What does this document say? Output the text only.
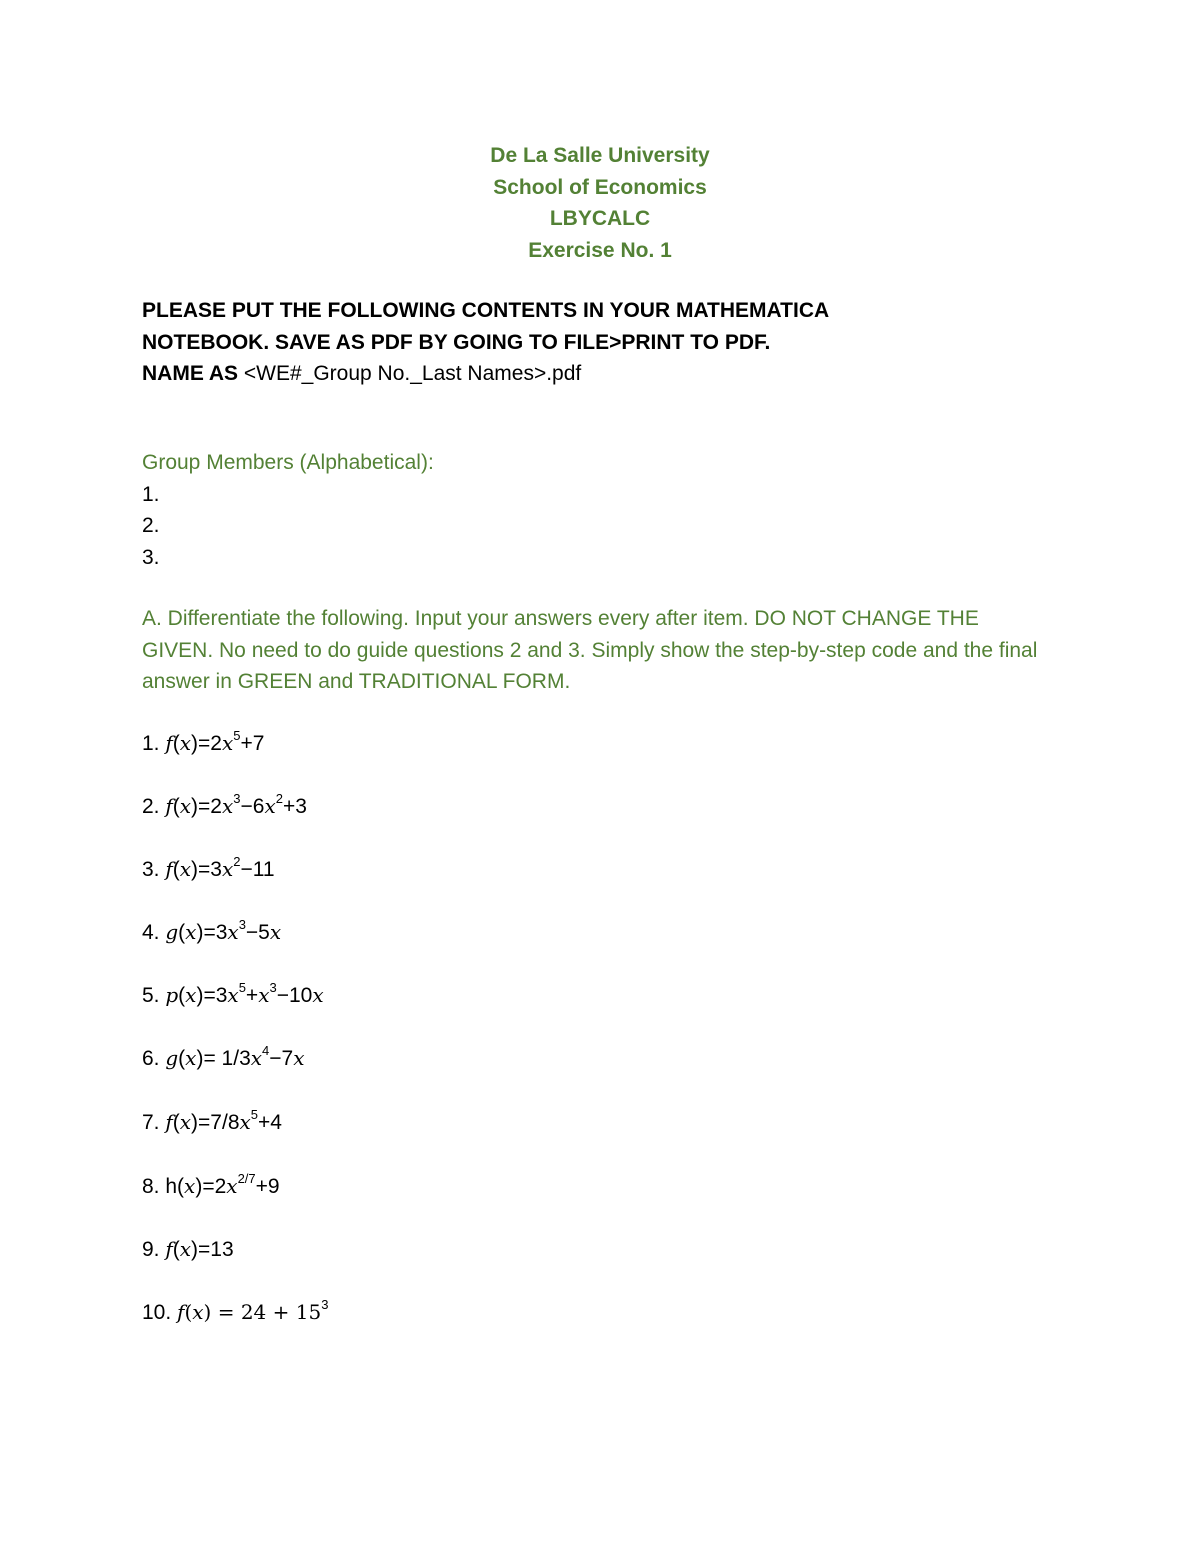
De La Salle University
School of Economics
LBYCALC
Exercise No. 1
PLEASE PUT THE FOLLOWING CONTENTS IN YOUR MATHEMATICA
NOTEBOOK. SAVE AS PDF BY GOING TO FILE>PRINT TO PDF.
NAME AS <WE#_Group No._Last Names>.pdf
Group Members (Alphabetical):
1.
2.
3.
A. Differentiate the following. Input your answers every after item. DO NOT CHANGE THE GIVEN. No need to do guide questions 2 and 3. Simply show the step-by-step code and the final answer in GREEN and TRADITIONAL FORM.
1. $f(x)=2x^5+7$
2. $f(x)=2x^3-6x^2+3$
3. $f(x)=3x^2-11$
4. $g(x)=3x^3-5x$
5. $p(x)=3x^5+x^3-10x$
6. $g(x)= 1/3x^4-7x$
7. $f(x)=7/8x^5+4$
8. $h(x)=2x^{2/7}+9$
9. f(x)=13
10. $f(x) = 24 + 15^3$
